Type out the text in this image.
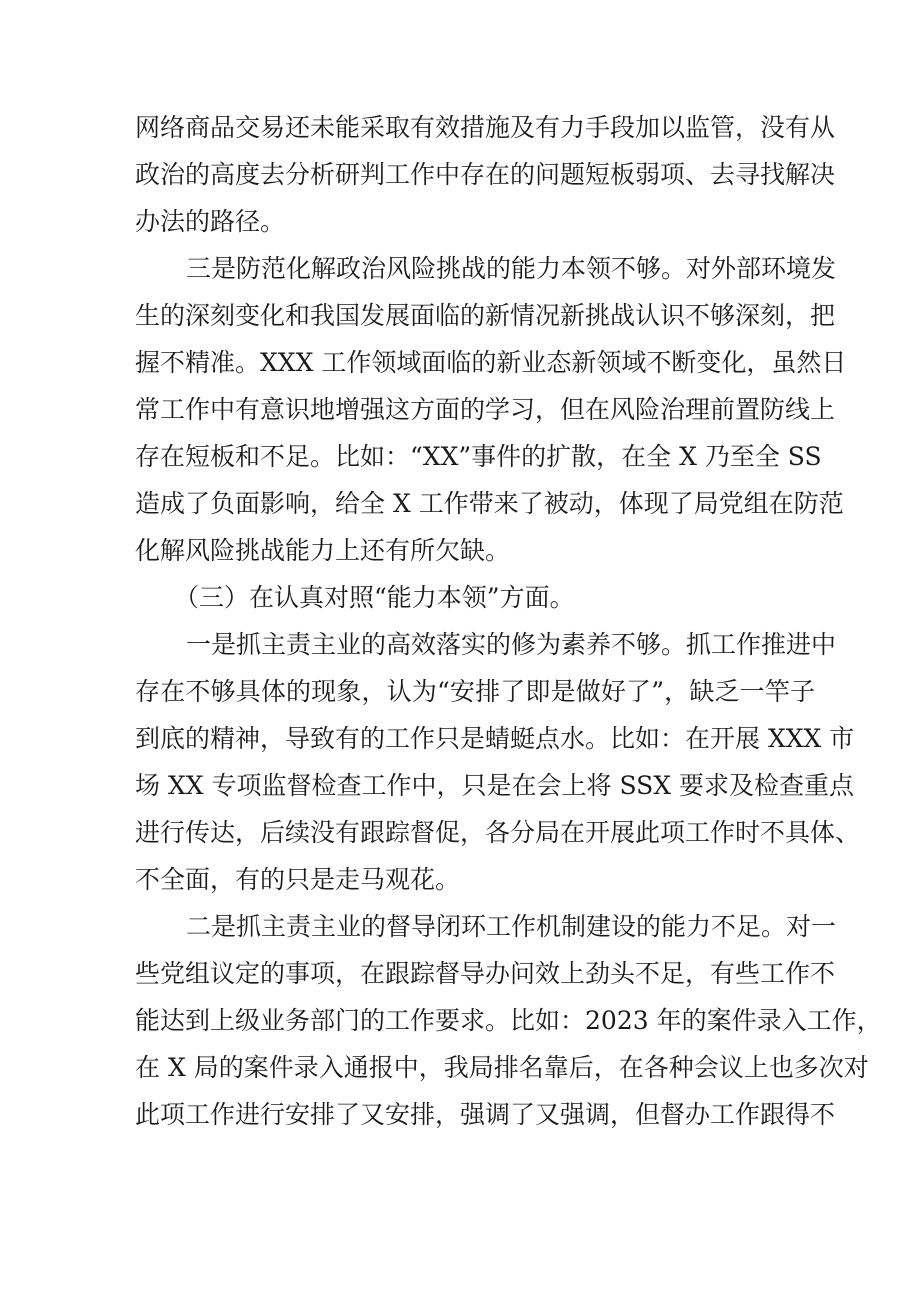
网络商品交易还未能采取有效措施及有力手段加以监管，没有从
政治的高度去分析研判工作中存在的问题短板弱项、去寻找解决
办法的路径。
三是防范化解政治风险挑战的能力本领不够。对外部环境发
生的深刻变化和我国发展面临的新情况新挑战认识不够深刻，把
握不精准。XXX 工作领域面临的新业态新领域不断变化，虽然日
常工作中有意识地增强这方面的学习，但在风险治理前置防线上
存在短板和不足。比如：“XX”事件的扩散，在全 X 乃至全 SS
造成了负面影响，给全 X 工作带来了被动，体现了局党组在防范
化解风险挑战能力上还有所欠缺。
（三）在认真对照“能力本领”方面。
一是抓主责主业的高效落实的修为素养不够。抓工作推进中
存在不够具体的现象，认为“安排了即是做好了”，缺乏一竿子
到底的精神，导致有的工作只是蜻蜓点水。比如：在开展 XXX 市
场 XX 专项监督检查工作中，只是在会上将 SSX 要求及检查重点
进行传达，后续没有跟踪督促，各分局在开展此项工作时不具体、
不全面，有的只是走马观花。
二是抓主责主业的督导闭环工作机制建设的能力不足。对一
些党组议定的事项，在跟踪督导办问效上劲头不足，有些工作不
能达到上级业务部门的工作要求。比如：2023 年的案件录入工作，
在 X 局的案件录入通报中，我局排名靠后，在各种会议上也多次对
此项工作进行安排了又安排，强调了又强调，但督办工作跟得不
